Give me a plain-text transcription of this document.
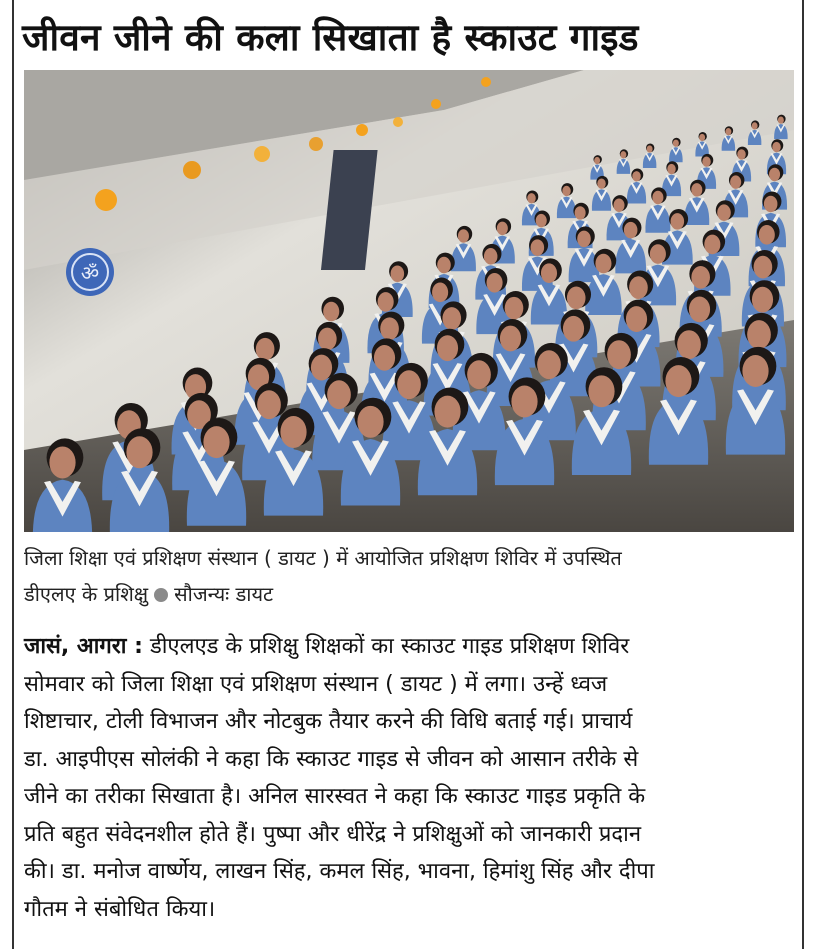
जीवन जीने की कला सिखाता है स्काउट गाइड
ॐ
जिला शिक्षा एवं प्रशिक्षण संस्थान ( डायट ) में आयोजित प्रशिक्षण शिविर में उपस्थित
डीएलए के प्रशिक्षु सौजन्यः डायट
जासं, आगरा : डीएलएड के प्रशिक्षु शिक्षकों का स्काउट गाइड प्रशिक्षण शिविर
सोमवार को जिला शिक्षा एवं प्रशिक्षण संस्थान ( डायट ) में लगा। उन्हें ध्वज
शिष्टाचार, टोली विभाजन और नोटबुक तैयार करने की विधि बताई गई। प्राचार्य
डा. आइपीएस सोलंकी ने कहा कि स्काउट गाइड से जीवन को आसान तरीके से
जीने का तरीका सिखाता है। अनिल सारस्वत ने कहा कि स्काउट गाइड प्रकृति के
प्रति बहुत संवेदनशील होते हैं। पुष्पा और धीरेंद्र ने प्रशिक्षुओं को जानकारी प्रदान
की। डा. मनोज वार्ष्णेय, लाखन सिंह, कमल सिंह, भावना, हिमांशु सिंह और दीपा
गौतम ने संबोधित किया।
